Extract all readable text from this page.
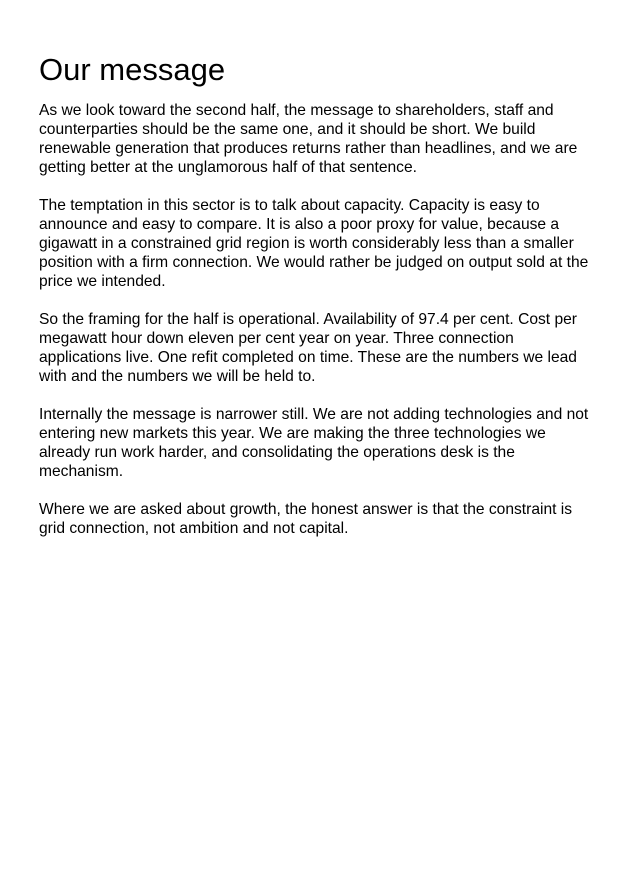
Our message

As we look toward the second half, the message to shareholders, staff and counterparties should be the same one, and it should be short. We build renewable generation that produces returns rather than headlines, and we are getting better at the unglamorous half of that sentence.

The temptation in this sector is to talk about capacity. Capacity is easy to announce and easy to compare. It is also a poor proxy for value, because a gigawatt in a constrained grid region is worth considerably less than a smaller position with a firm connection. We would rather be judged on output sold at the price we intended.

So the framing for the half is operational. Availability of 97.4 per cent. Cost per megawatt hour down eleven per cent year on year. Three connection applications live. One refit completed on time. These are the numbers we lead with and the numbers we will be held to.

Internally the message is narrower still. We are not adding technologies and not entering new markets this year. We are making the three technologies we already run work harder, and consolidating the operations desk is the mechanism.

Where we are asked about growth, the honest answer is that the constraint is grid connection, not ambition and not capital.
